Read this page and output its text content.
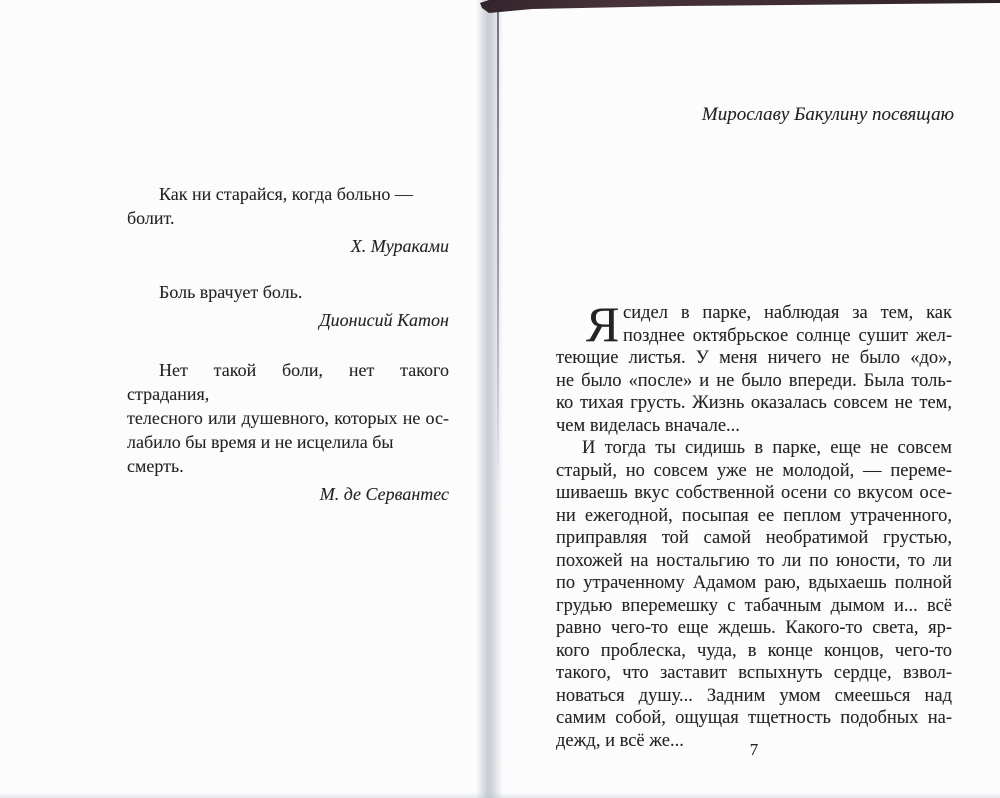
Как ни старайся, когда больно — болит.
Х. Мураками
Боль врачует боль.
Дионисий Катон
Нет такой боли, нет такого страдания,
телесного или душевного, которых не ос-
лабило бы время и не исцелила бы смерть.
М. де Сервантес
Мирославу Бакулину посвящаю
Я сидел в парке, наблюдая за тем, как
позднее октябрьское солнце сушит жел-
теющие листья. У меня ничего не было «до»,
не было «после» и не было впереди. Была толь-
ко тихая грусть. Жизнь оказалась совсем не тем,
чем виделась вначале...
И тогда ты сидишь в парке, еще не совсем
старый, но совсем уже не молодой, — переме-
шиваешь вкус собственной осени со вкусом осе-
ни ежегодной, посыпая ее пеплом утраченного,
приправляя той самой необратимой грустью,
похожей на ностальгию то ли по юности, то ли
по утраченному Адамом раю, вдыхаешь полной
грудью вперемешку с табачным дымом и... всё
равно чего-то еще ждешь. Какого-то света, яр-
кого проблеска, чуда, в конце концов, чего-то
такого, что заставит вспыхнуть сердце, взвол-
новаться душу... Задним умом смеешься над
самим собой, ощущая тщетность подобных на-
дежд, и всё же...	7
